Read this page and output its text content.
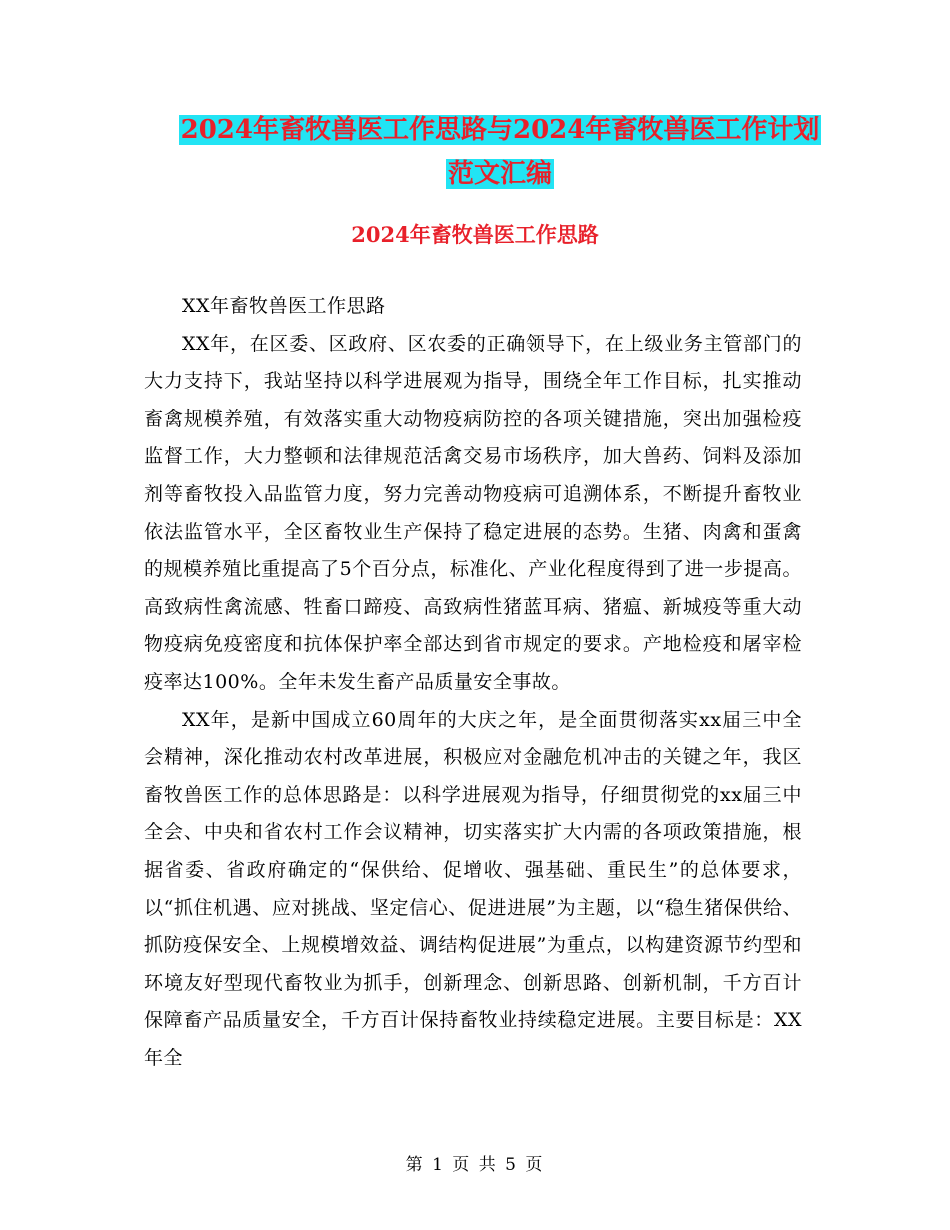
2024年畜牧兽医工作思路与2024年畜牧兽医工作计划
范文汇编
2024年畜牧兽医工作思路

XX年畜牧兽医工作思路

XX年，在区委、区政府、区农委的正确领导下，在上级业务主管部门的大力支持下，我站坚持以科学进展观为指导，围绕全年工作目标，扎实推动畜禽规模养殖，有效落实重大动物疫病防控的各项关键措施，突出加强检疫监督工作，大力整顿和法律规范活禽交易市场秩序，加大兽药、饲料及添加剂等畜牧投入品监管力度，努力完善动物疫病可追溯体系，不断提升畜牧业依法监管水平，全区畜牧业生产保持了稳定进展的态势。生猪、肉禽和蛋禽的规模养殖比重提高了5个百分点，标准化、产业化程度得到了进一步提高。高致病性禽流感、牲畜口蹄疫、高致病性猪蓝耳病、猪瘟、新城疫等重大动物疫病免疫密度和抗体保护率全部达到省市规定的要求。产地检疫和屠宰检疫率达100%。全年未发生畜产品质量安全事故。

XX年，是新中国成立60周年的大庆之年，是全面贯彻落实xx届三中全会精神，深化推动农村改革进展，积极应对金融危机冲击的关键之年，我区畜牧兽医工作的总体思路是：以科学进展观为指导，仔细贯彻党的xx届三中全会、中央和省农村工作会议精神，切实落实扩大内需的各项政策措施，根据省委、省政府确定的“保供给、促增收、强基础、重民生”的总体要求，以“抓住机遇、应对挑战、坚定信心、促进进展”为主题，以“稳生猪保供给、抓防疫保安全、上规模增效益、调结构促进展”为重点，以构建资源节约型和环境友好型现代畜牧业为抓手，创新理念、创新思路、创新机制，千方百计保障畜产品质量安全，千方百计保持畜牧业持续稳定进展。主要目标是：XX年全

第 1 页 共 5 页
